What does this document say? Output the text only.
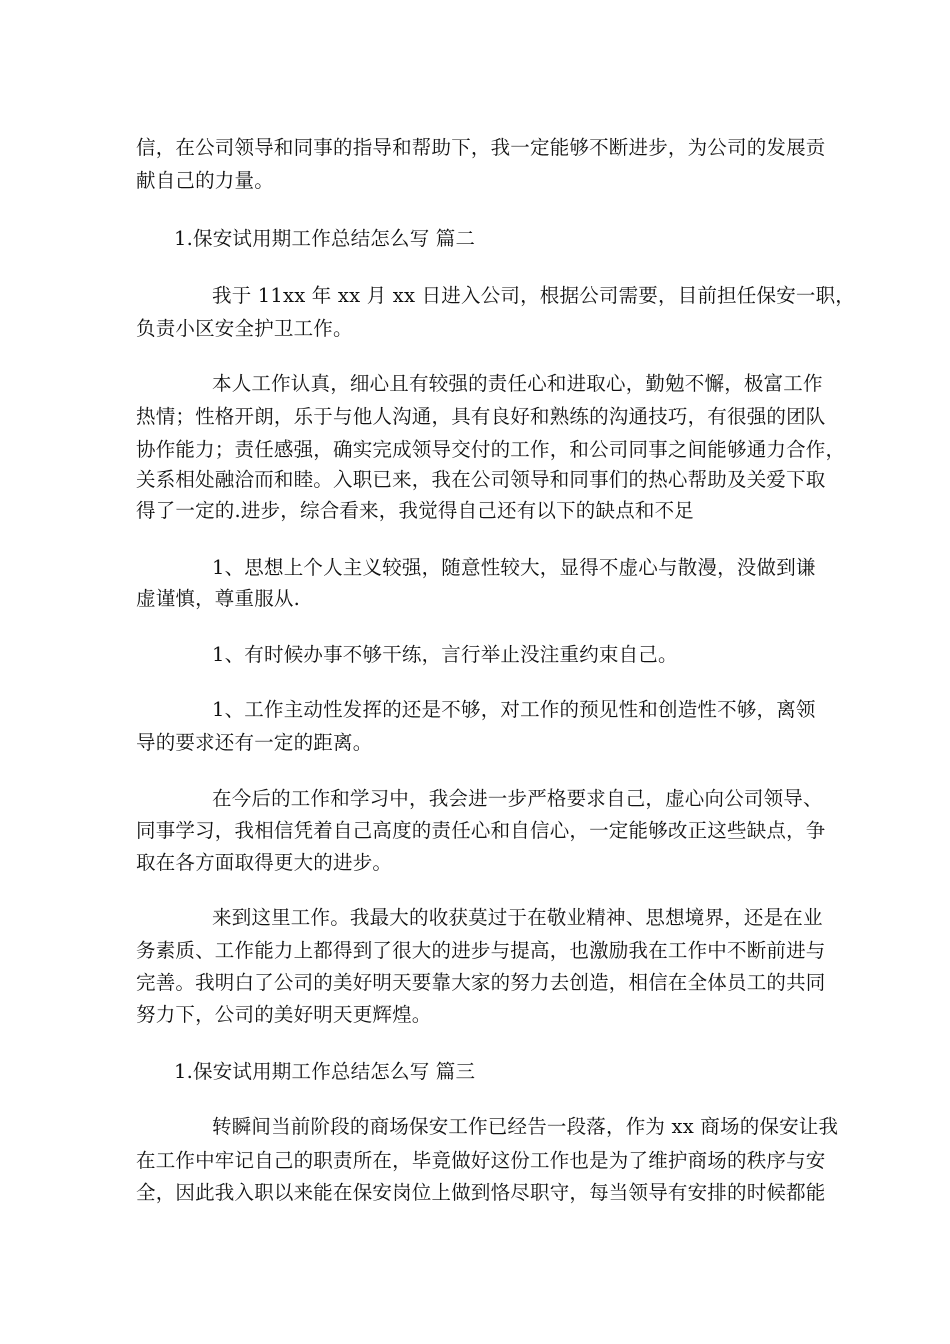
信，在公司领导和同事的指导和帮助下，我一定能够不断进步，为公司的发展贡
献自己的力量。
1.保安试用期工作总结怎么写 篇二
我于 11xx 年 xx 月 xx 日进入公司，根据公司需要，目前担任保安一职，
负责小区安全护卫工作。
本人工作认真，细心且有较强的责任心和进取心，勤勉不懈，极富工作
热情；性格开朗，乐于与他人沟通，具有良好和熟练的沟通技巧，有很强的团队
协作能力；责任感强，确实完成领导交付的工作，和公司同事之间能够通力合作，
关系相处融洽而和睦。入职已来，我在公司领导和同事们的热心帮助及关爱下取
得了一定的.进步，综合看来，我觉得自己还有以下的缺点和不足
1、思想上个人主义较强，随意性较大，显得不虚心与散漫，没做到谦
虚谨慎，尊重服从.
1、有时候办事不够干练，言行举止没注重约束自己。
1、工作主动性发挥的还是不够，对工作的预见性和创造性不够，离领
导的要求还有一定的距离。
在今后的工作和学习中，我会进一步严格要求自己，虚心向公司领导、
同事学习，我相信凭着自己高度的责任心和自信心，一定能够改正这些缺点，争
取在各方面取得更大的进步。
来到这里工作。我最大的收获莫过于在敬业精神、思想境界，还是在业
务素质、工作能力上都得到了很大的进步与提高，也激励我在工作中不断前进与
完善。我明白了公司的美好明天要靠大家的努力去创造，相信在全体员工的共同
努力下，公司的美好明天更辉煌。
1.保安试用期工作总结怎么写 篇三
转瞬间当前阶段的商场保安工作已经告一段落，作为 xx 商场的保安让我
在工作中牢记自己的职责所在，毕竟做好这份工作也是为了维护商场的秩序与安
全，因此我入职以来能在保安岗位上做到恪尽职守，每当领导有安排的时候都能
